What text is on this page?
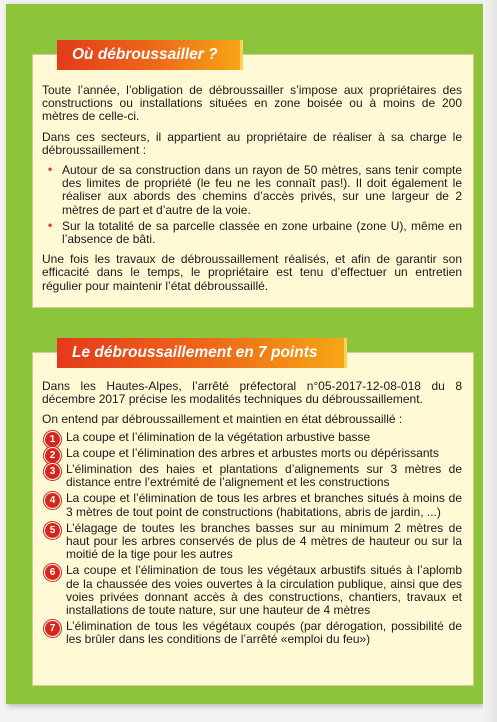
Où débroussailler ?

Toute l’année, l’obligation de débroussailler s’impose aux propriétaires des constructions ou installations situées en zone boisée ou à moins de 200 mètres de celle-ci.

Dans ces secteurs, il appartient au propriétaire de réaliser à sa charge le débroussaillement :

• Autour de sa construction dans un rayon de 50 mètres, sans tenir compte des limites de propriété (le feu ne les connaît pas!). Il doit également le réaliser aux abords des chemins d’accès privés, sur une largeur de 2 mètres de part et d’autre de la voie.
• Sur la totalité de sa parcelle classée en zone urbaine (zone U), même en l’absence de bâti.

Une fois les travaux de débroussaillement réalisés, et afin de garantir son efficacité dans le temps, le propriétaire est tenu d’effectuer un entretien régulier pour maintenir l’état débroussaillé.

Le débroussaillement en 7 points

Dans les Hautes-Alpes, l’arrêté préfectoral n°05-2017-12-08-018 du 8 décembre 2017 précise les modalités techniques du débroussaillement.

On entend par débroussaillement et maintien en état débroussaillé :

1 La coupe et l’élimination de la végétation arbustive basse
2 La coupe et l’élimination des arbres et arbustes morts ou dépérissants
3 L’élimination des haies et plantations d’alignements sur 3 mètres de distance entre l’extrémité de l’alignement et les constructions
4 La coupe et l’élimination de tous les arbres et branches situés à moins de 3 mètres de tout point de constructions (habitations, abris de jardin, ...)
5 L’élagage de toutes les branches basses sur au minimum 2 mètres de haut pour les arbres conservés de plus de 4 mètres de hauteur ou sur la moitié de la tige pour les autres
6 La coupe et l’élimination de tous les végétaux arbustifs situés à l’aplomb de la chaussée des voies ouvertes à la circulation publique, ainsi que des voies privées donnant accès à des constructions, chantiers, travaux et installations de toute nature, sur une hauteur de 4 mètres
7 L’élimination de tous les végétaux coupés (par dérogation, possibilité de les brûler dans les conditions de l’arrêté «emploi du feu»)
